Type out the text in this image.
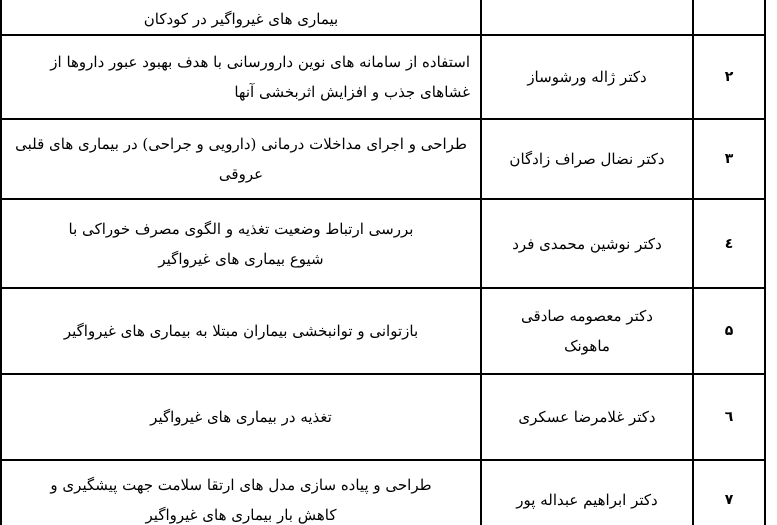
		بیماری های غیرواگیر در کودکان
۲	دکتر ژاله ورشوساز	استفاده از سامانه های نوین دارورسانی با هدف بهبود عبور داروها از غشاهای جذب و افزایش اثربخشی آنها
۳	دکتر نضال صراف زادگان	طراحی و اجرای مداخلات درمانی (دارویی و جراحی) در بیماری های قلبی عروقی
٤	دکتر نوشین محمدی فرد	بررسی ارتباط وضعیت تغذیه و الگوی مصرف خوراکی با شیوع بیماری های غیرواگیر
۵	دکتر معصومه صادقی ماهونک	بازتوانی و توانبخشی بیماران مبتلا به بیماری های غیرواگیر
٦	دکتر غلامرضا عسکری	تغذیه در بیماری های غیرواگیر
۷	دکتر ابراهیم عبداله پور	طراحی و پیاده سازی مدل های ارتقا سلامت جهت پیشگیری و کاهش بار بیماری های غیرواگیر
